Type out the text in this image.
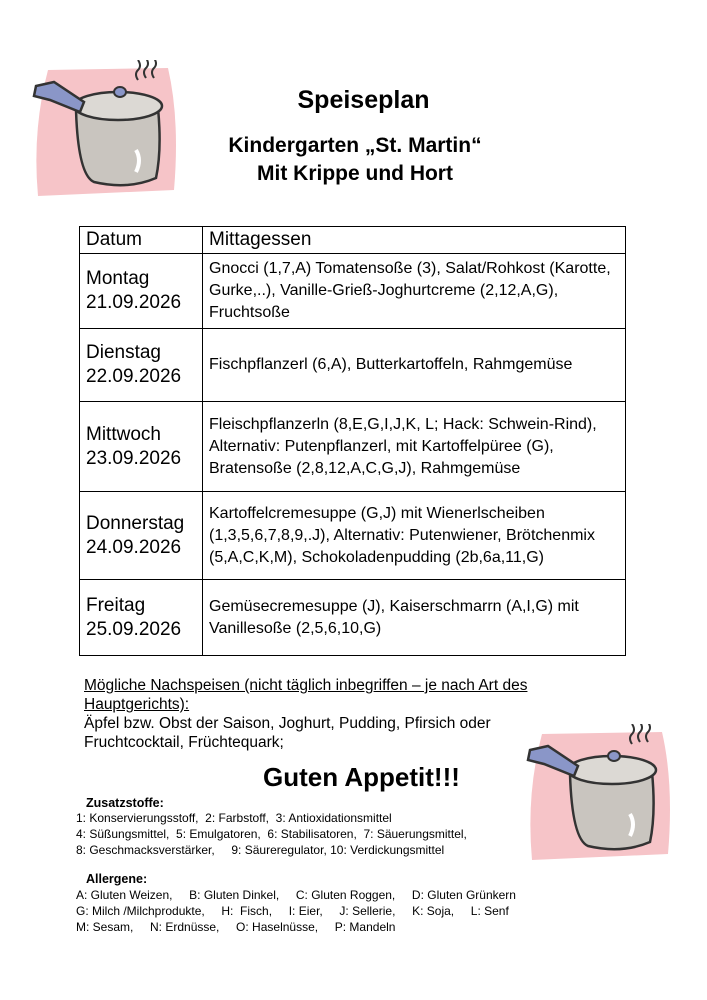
Speiseplan
Kindergarten „St. Martin“
Mit Krippe und Hort
Datum	Mittagessen

Montag
21.09.2026	Gnocci (1,7,A) Tomatensoße (3), Salat/Rohkost (Karotte, Gurke,..), Vanille-Grieß-Joghurtcreme (2,12,A,G), Fruchtsoße

Dienstag
22.09.2026	Fischpflanzerl (6,A), Butterkartoffeln, Rahmgemüse

Mittwoch
23.09.2026	Fleischpflanzerln (8,E,G,I,J,K, L; Hack: Schwein-Rind), Alternativ: Putenpflanzerl, mit Kartoffelpüree (G), Bratensoße (2,8,12,A,C,G,J), Rahmgemüse

Donnerstag
24.09.2026	Kartoffelcremesuppe (G,J) mit Wienerlscheiben (1,3,5,6,7,8,9,.J), Alternativ: Putenwiener, Brötchenmix (5,A,C,K,M), Schokoladenpudding (2b,6a,11,G)

Freitag
25.09.2026	Gemüsecremesuppe (J), Kaiserschmarrn (A,I,G) mit Vanillesoße (2,5,6,10,G)
Mögliche Nachspeisen (nicht täglich inbegriffen – je nach Art des Hauptgerichts):
Äpfel bzw. Obst der Saison, Joghurt, Pudding, Pfirsich oder Fruchtcocktail, Früchtequark;
Guten Appetit!!!
Zusatzstoffe:
1: Konservierungsstoff,  2: Farbstoff,  3: Antioxidationsmittel
4: Süßungsmittel,  5: Emulgatoren,  6: Stabilisatoren,  7: Säuerungsmittel,
8: Geschmacksverstärker,     9: Säureregulator, 10: Verdickungsmittel
Allergene:
A: Gluten Weizen,     B: Gluten Dinkel,     C: Gluten Roggen,     D: Gluten Grünkern
G: Milch /Milchprodukte,     H:  Fisch,     I: Eier,     J: Sellerie,     K: Soja,     L: Senf
M: Sesam,     N: Erdnüsse,     O: Haselnüsse,     P: Mandeln
